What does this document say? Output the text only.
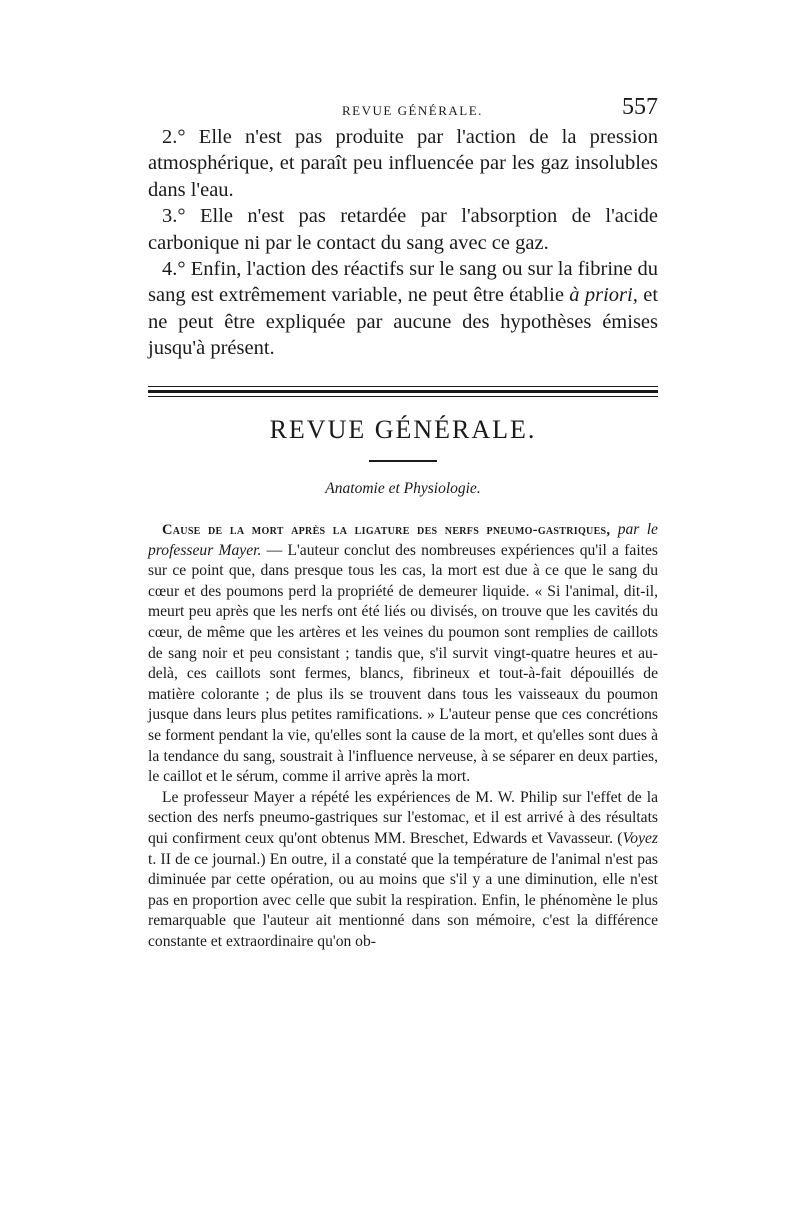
REVUE GÉNÉRALE.	557

2.° Elle n'est pas produite par l'action de la pression atmosphérique, et paraît peu influencée par les gaz insolubles dans l'eau.

3.° Elle n'est pas retardée par l'absorption de l'acide carbonique ni par le contact du sang avec ce gaz.

4.° Enfin, l'action des réactifs sur le sang ou sur la fibrine du sang est extrêmement variable, ne peut être établie à priori, et ne peut être expliquée par aucune des hypothèses émises jusqu'à présent.

REVUE GÉNÉRALE.
Anatomie et Physiologie.

Cause de la mort après la ligature des nerfs pneumo-gastriques, par le professeur Mayer. — L'auteur conclut des nombreuses expériences qu'il a faites sur ce point que, dans presque tous les cas, la mort est due à ce que le sang du cœur et des poumons perd la propriété de demeurer liquide. « Si l'animal, dit-il, meurt peu après que les nerfs ont été liés ou divisés, on trouve que les cavités du cœur, de même que les artères et les veines du poumon sont remplies de caillots de sang noir et peu consistant ; tandis que, s'il survit vingt-quatre heures et au-delà, ces caillots sont fermes, blancs, fibrineux et tout-à-fait dépouillés de matière colorante ; de plus ils se trouvent dans tous les vaisseaux du poumon jusque dans leurs plus petites ramifications. » L'auteur pense que ces concrétions se forment pendant la vie, qu'elles sont la cause de la mort, et qu'elles sont dues à la tendance du sang, soustrait à l'influence nerveuse, à se séparer en deux parties, le caillot et le sérum, comme il arrive après la mort.

Le professeur Mayer a répété les expériences de M. W. Philip sur l'effet de la section des nerfs pneumo-gastriques sur l'estomac, et il est arrivé à des résultats qui confirment ceux qu'ont obtenus MM. Breschet, Edwards et Vavasseur. (Voyez t. II de ce journal.) En outre, il a constaté que la température de l'animal n'est pas diminuée par cette opération, ou au moins que s'il y a une diminution, elle n'est pas en proportion avec celle que subit la respiration. Enfin, le phénomène le plus remarquable que l'auteur ait mentionné dans son mémoire, c'est la différence constante et extraordinaire qu'on ob-
